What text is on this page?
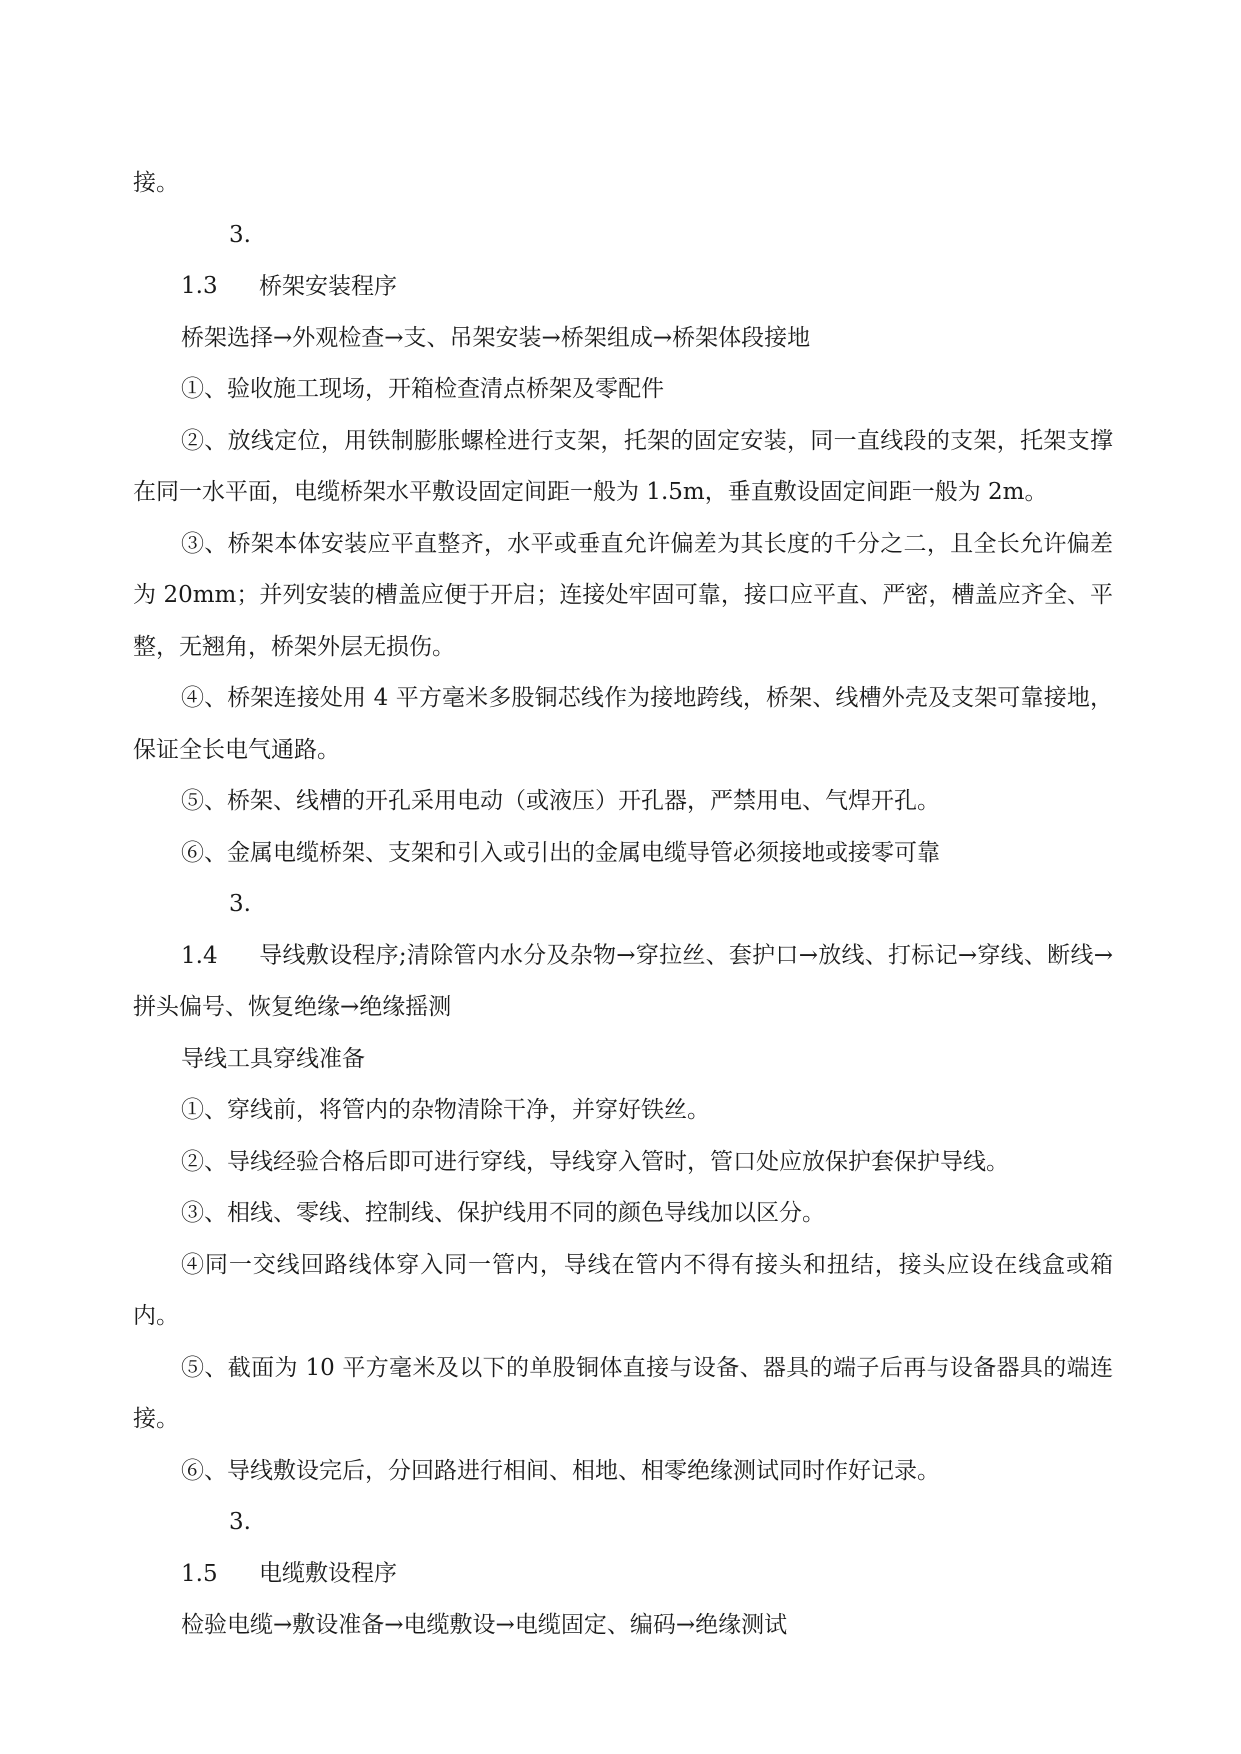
接。

3.1.3 桥架安装程序

桥架选择→外观检查→支、吊架安装→桥架组成→桥架体段接地

①、验收施工现场，开箱检查清点桥架及零配件

②、放线定位，用铁制膨胀螺栓进行支架，托架的固定安装，同一直线段的支架，托架支撑在同一水平面，电缆桥架水平敷设固定间距一般为 1.5m，垂直敷设固定间距一般为 2m。

③、桥架本体安装应平直整齐，水平或垂直允许偏差为其长度的千分之二，且全长允许偏差为 20mm；并列安装的槽盖应便于开启；连接处牢固可靠，接口应平直、严密，槽盖应齐全、平整，无翘角，桥架外层无损伤。

④、桥架连接处用 4 平方毫米多股铜芯线作为接地跨线，桥架、线槽外壳及支架可靠接地，保证全长电气通路。

⑤、桥架、线槽的开孔采用电动（或液压）开孔器，严禁用电、气焊开孔。

⑥、金属电缆桥架、支架和引入或引出的金属电缆导管必须接地或接零可靠

3.1.4 导线敷设程序;清除管内水分及杂物→穿拉丝、套护口→放线、打标记→穿线、断线→拼头偏号、恢复绝缘→绝缘摇测

导线工具穿线准备

①、穿线前，将管内的杂物清除干净，并穿好铁丝。

②、导线经验合格后即可进行穿线，导线穿入管时，管口处应放保护套保护导线。

③、相线、零线、控制线、保护线用不同的颜色导线加以区分。

④同一交线回路线体穿入同一管内，导线在管内不得有接头和扭结，接头应设在线盒或箱内。

⑤、截面为 10 平方毫米及以下的单股铜体直接与设备、器具的端子后再与设备器具的端连接。

⑥、导线敷设完后，分回路进行相间、相地、相零绝缘测试同时作好记录。

3.1.5 电缆敷设程序

检验电缆→敷设准备→电缆敷设→电缆固定、编码→绝缘测试
